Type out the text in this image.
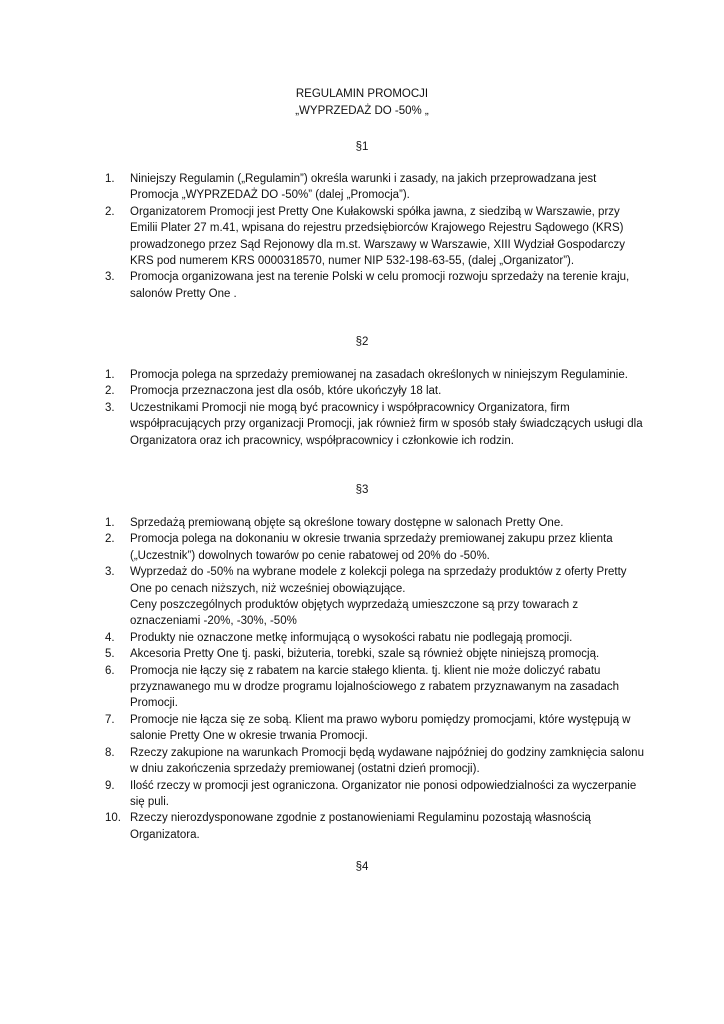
REGULAMIN PROMOCJI
„WYPRZEDAŻ DO -50% „
§1
1.	Niniejszy Regulamin („Regulamin”) określa warunki i zasady, na jakich przeprowadzana jest Promocja „WYPRZEDAŻ DO -50%” (dalej „Promocja”).
2.	Organizatorem Promocji jest Pretty One Kułakowski spółka jawna, z siedzibą w Warszawie, przy Emilii Plater 27 m.41, wpisana do rejestru przedsiębiorców Krajowego Rejestru Sądowego (KRS) prowadzonego przez Sąd Rejonowy dla m.st. Warszawy w Warszawie, XIII Wydział Gospodarczy KRS pod numerem KRS 0000318570, numer NIP 532-198-63-55, (dalej „Organizator”).
3.	Promocja organizowana jest na terenie Polski w celu promocji rozwoju sprzedaży na terenie kraju, salonów Pretty One .
§2
1.	Promocja polega na sprzedaży premiowanej na zasadach określonych w niniejszym Regulaminie.
2.	Promocja przeznaczona jest dla osób, które ukończyły 18 lat.
3.	Uczestnikami Promocji nie mogą być pracownicy i współpracownicy Organizatora, firm współpracujących przy organizacji Promocji, jak również firm w sposób stały świadczących usługi dla Organizatora oraz ich pracownicy, współpracownicy i członkowie ich rodzin.
§3
1.	Sprzedażą premiowaną objęte są określone towary dostępne w salonach Pretty One.
2.	Promocja polega na dokonaniu w okresie trwania sprzedaży premiowanej zakupu przez klienta („Uczestnik”) dowolnych towarów po cenie rabatowej od 20% do -50%.
3.	Wyprzedaż do -50% na wybrane modele z kolekcji polega na sprzedaży produktów z oferty Pretty One po cenach niższych, niż wcześniej obowiązujące.
Ceny poszczególnych produktów objętych wyprzedażą umieszczone są przy towarach z oznaczeniami -20%, -30%, -50%
4.	Produkty nie oznaczone metkę informującą o wysokości rabatu nie podlegają promocji.
5.	Akcesoria Pretty One tj. paski, biżuteria, torebki, szale są również objęte niniejszą promocją.
6.	Promocja nie łączy się z rabatem na karcie stałego klienta. tj. klient nie może doliczyć rabatu przyznawanego mu w drodze programu lojalnościowego z rabatem przyznawanym na zasadach Promocji.
7.	Promocje nie łącza się ze sobą. Klient ma prawo wyboru pomiędzy promocjami, które występują w salonie Pretty One w okresie trwania Promocji.
8.	Rzeczy zakupione na warunkach Promocji będą wydawane najpóźniej do godziny zamknięcia salonu w dniu zakończenia sprzedaży premiowanej (ostatni dzień promocji).
9.	Ilość rzeczy w promocji jest ograniczona. Organizator nie ponosi odpowiedzialności za wyczerpanie się puli.
10. Rzeczy nierozdysponowane zgodnie z postanowieniami Regulaminu pozostają własnością Organizatora.
§4
